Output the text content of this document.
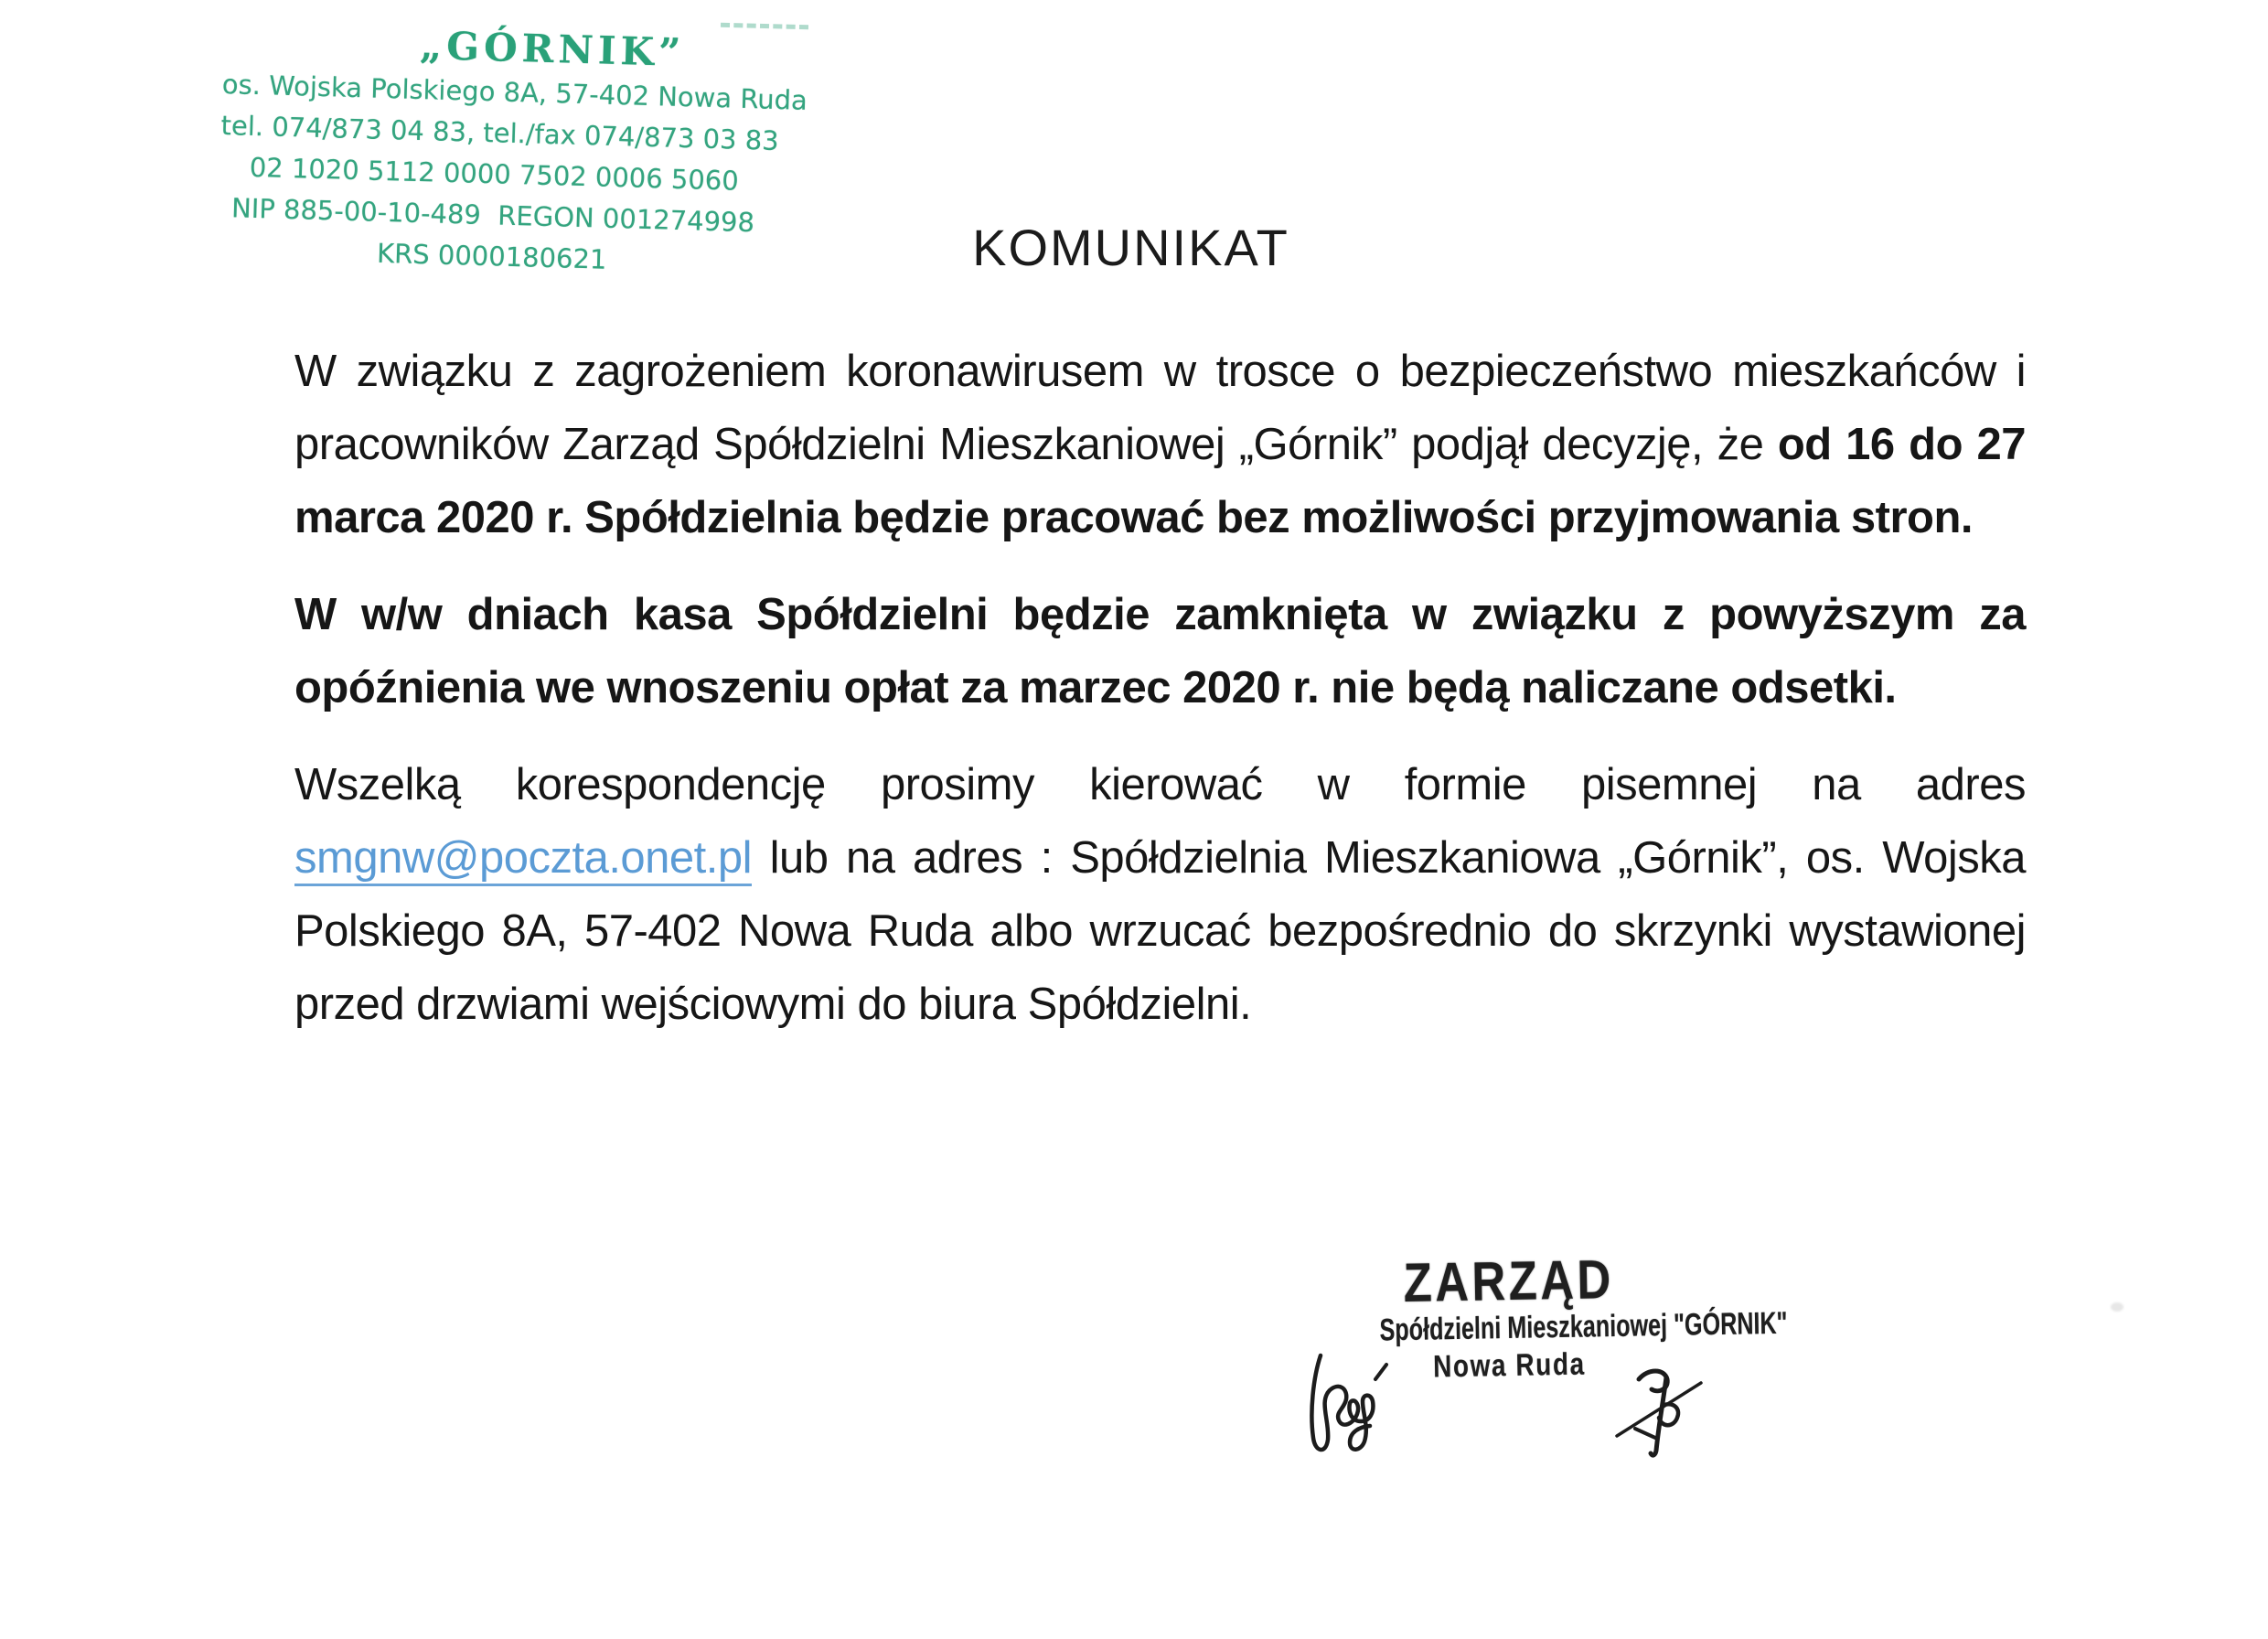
„GÓRNIK”
os. Wojska Polskiego 8A, 57-402 Nowa Ruda
tel. 074/873 04 83, tel./fax 074/873 03 83
02 1020 5112 0000 7502 0006 5060
NIP 885-00-10-489  REGON 001274998
KRS 0000180621	KOMUNIKAT

W związku z zagrożeniem koronawirusem w trosce o bezpieczeństwo mieszkańców i pracowników Zarząd Spółdzielni Mieszkaniowej „Górnik” podjął decyzję, że od 16 do 27 marca 2020 r. Spółdzielnia będzie pracować bez możliwości przyjmowania stron.

W w/w dniach kasa Spółdzielni będzie zamknięta w związku z powyższym za opóźnienia we wnoszeniu opłat za marzec 2020 r. nie będą naliczane odsetki.

Wszelką korespondencję prosimy kierować w formie pisemnej na adres smgnw@poczta.onet.pl lub na adres : Spółdzielnia Mieszkaniowa „Górnik”, os. Wojska Polskiego 8A, 57-402 Nowa Ruda albo wrzucać bezpośrednio do skrzynki wystawionej przed drzwiami wejściowymi do biura Spółdzielni.

ZARZĄD
Spółdzielni Mieszkaniowej "GÓRNIK"
Nowa Ruda
